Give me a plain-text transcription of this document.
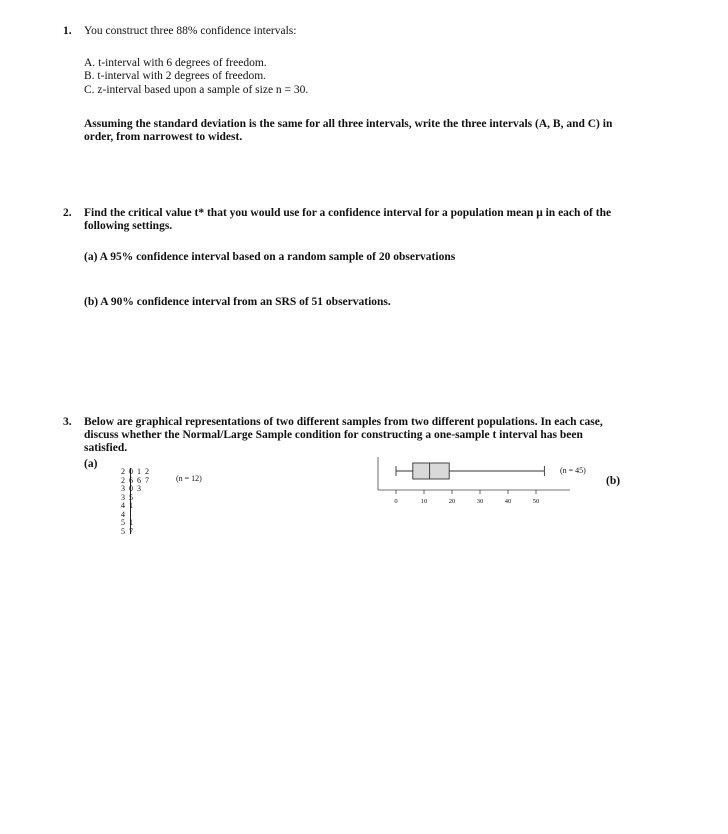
1. You construct three 88% confidence intervals:
A. t-interval with 6 degrees of freedom.
B. t-interval with 2 degrees of freedom.
C. z-interval based upon a sample of size n = 30.
Assuming the standard deviation is the same for all three intervals, write the three intervals (A, B, and C) in
order, from narrowest to widest.
2. Find the critical value t* that you would use for a confidence interval for a population mean μ in each of the
following settings.
(a) A 95% confidence interval based on a random sample of 20 observations
(b) A 90% confidence interval from an SRS of 51 observations.
3. Below are graphical representations of two different samples from two different populations. In each case,
discuss whether the Normal/Large Sample condition for constructing a one-sample t interval has been
satisfied.
(a)
(b)
2 0 1 2
2 6 6 7
3 0 3
3 5
4 1
4
5 1
5 7
(n = 12)
(n = 45)
0	10	20	30	40	50
